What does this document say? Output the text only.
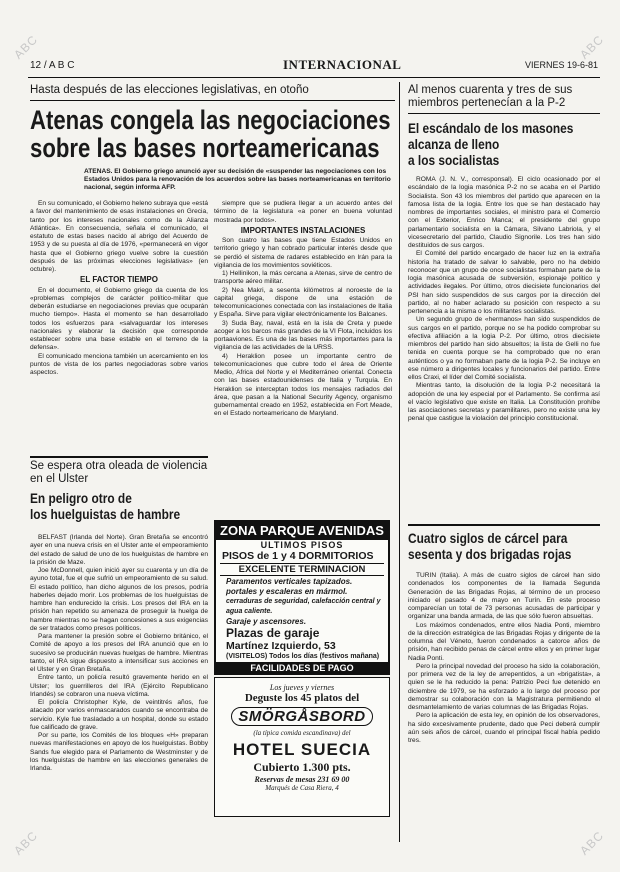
12 / A B C	INTERNACIONAL	VIERNES 19-6-81
Hasta después de las elecciones legislativas, en otoño
Atenas congela las negociaciones
sobre las bases norteamericanas
ATENAS. El Gobierno griego anunció ayer su decisión de «suspender las negociaciones con los Estados Unidos para la renovación de los acuerdos sobre las bases norteamericanas en territorio nacional, según informa AFP.

En su comunicado, el Gobierno heleno subraya que «está a favor del mantenimiento de esas instalaciones en Grecia, tanto por los intereses nacionales como de la Alianza Atlántica». En consecuencia, señala el comunicado, el estatuto de estas bases nacido al abrigo del Acuerdo de 1953 y de su puesta al día de 1976, «permanecerá en vigor hasta que el Gobierno griego vuelve sobre la cuestión después de las próximas elecciones legislativas» (en octubre).

EL FACTOR TIEMPO

En el documento, el Gobierno griego da cuenta de los «problemas complejos de carácter político-militar que deberán estudiarse en negociaciones previas que ocuparán mucho tiempo». Hasta el momento se han desarrollado todos los esfuerzos para «salvaguardar los intereses nacionales y elaborar la decisión que corresponde establecer sobre una base estable en el terreno de la defensa».

El comunicado menciona también un acercamiento en los puntos de vista de los partes negociadoras sobre varios aspectos.

siempre que se pudiera llegar a un acuerdo antes del término de la legislatura «a poner en buena voluntad mostrada por todos».

IMPORTANTES INSTALACIONES

Son cuatro las bases que tiene Estados Unidos en territorio griego y han cobrado particular interés desde que se perdió el sistema de radares establecido en Irán para la vigilancia de los movimientos soviéticos.

1) Hellinikon, la más cercana a Atenas, sirve de centro de transporte aéreo militar.

2) Nea Makri, a sesenta kilómetros al noroeste de la capital griega, dispone de una estación de telecomunicaciones conectada con las instalaciones de Italia y España. Sirve para vigilar electrónicamente los Balcanes.

3) Suda Bay, naval, está en la isla de Creta y puede acoger a los barcos más grandes de la VI Flota, incluidos los portaaviones. Es una de las bases más importantes para la vigilancia de las actividades de la URSS.

4) Heraklion posee un importante centro de telecomunicaciones que cubre todo el área de Oriente Medio, Africa del Norte y el Mediterráneo oriental. Conecta con las bases estadounidenses de Italia y Turquía. En Heraklion se interceptan todos los mensajes radiados del área, que pasan a la National Security Agency, organismo gubernamental creado en 1952, establecida en Fort Meade, en el Estado norteamericano de Maryland.

Se espera otra oleada de violencia en el Ulster
En peligro otro de
los huelguistas de hambre

BELFAST (Irlanda del Norte). Gran Bretaña se encontró ayer en una nueva crisis en el Ulster ante el empeoramiento del estado de salud de uno de los huelguistas de hambre en la prisión de Maze.

Joe McDonnell, quien inició ayer su cuarenta y un día de ayuno total, fue el que sufrió un empeoramiento de su salud. El estado político, han dicho algunos de los presos, podría haberles dejado morir. Los problemas de los huelguistas de hambre han endurecido la crisis. Los presos del IRA en la prisión han repetido su amenaza de proseguir la huelga de hambre mientras no se hagan concesiones a sus exigencias de ser tratados como presos políticos.

Para mantener la presión sobre el Gobierno británico, el Comité de apoyo a los presos del IRA anunció que en lo sucesivo se producirán nuevas huelgas de hambre. Mientras tanto, el IRA sigue dispuesto a intensificar sus acciones en el Ulster y en Gran Bretaña.

Entre tanto, un policía resultó gravemente herido en el Ulster; los guerrilleros del IRA (Ejército Republicano Irlandés) se cobraron una nueva víctima.

El policía Christopher Kyle, de veintitrés años, fue atacado por varios enmascarados cuando se encontraba de servicio. Kyle fue trasladado a un hospital, donde su estado fue calificado de grave.

Por su parte, los Comités de los bloques «H» preparan nuevas manifestaciones en apoyo de los huelguistas. Bobby Sands fue elegido para el Parlamento de Westminster y de los huelguistas de hambre en las elecciones generales de Irlanda.

ZONA PARQUE AVENIDAS
ULTIMOS PISOS
PISOS de 1 y 4 DORMITORIOS
EXCELENTE TERMINACION
Paramentos verticales tapizados.
portales y escaleras en mármol.
cerraduras de seguridad, calefacción central y agua caliente.
Garaje y ascensores.
Plazas de garaje
Martínez Izquierdo, 53
(VISITELOS) Todos los días (festivos mañana)
FACILIDADES DE PAGO
Los jueves y viernes
Deguste los 45 platos del
SMÖRGÅSBORD
(la típica comida escandinava) del
HOTEL SUECIA
Cubierto 1.300 pts.
Reservas de mesas 231 69 00
Marqués de Casa Riera, 4
Al menos cuarenta y tres de sus miembros pertenecían a la P-2
El escándalo de los masones
alcanza de lleno
a los socialistas

ROMA (J. N. V., corresponsal). El ciclo ocasionado por el escándalo de la logia masónica P-2 no se acaba en el Partido Socialista. Son 43 los miembros del partido que aparecen en la famosa lista de la logia. Entre los que se han destacado hay nombres de importantes sociales, el ministro para el Comercio con el Exterior, Enrico Manca; el presidente del grupo parlamentario socialista en la Cámara, Silvano Labriola, y el vicesecretario del partido, Claudio Signorile. Los tres han sido destituidos de sus cargos.

El Comité del partido encargado de hacer luz en la extraña historia ha tratado de salvar lo salvable, pero no ha debido reconocer que un grupo de once socialistas formaban parte de la logia masónica acusada de subversión, espionaje político y actividades ilegales. Por último, otros diecisiete funcionarios del PSI han sido suspendidos de sus cargos por la dirección del partido, al no haber aclarado su posición con respecto a su pertenencia a la misma o los militantes socialistas.

Un segundo grupo de «hermanos» han sido suspendidos de sus cargos en el partido, porque no se ha podido comprobar su efectiva afiliación a la logia P-2. Por último, otros diecisiete miembros del partido han sido absueltos; la lista de Gelli no fue tenida en cuenta porque se ha comprobado que no eran auténticos o ya no formaban parte de la logia P-2. Se incluye en ese número a dirigentes locales y funcionarios del partido. Entre ellos Craxi, el líder del Comité socialista.

Mientras tanto, la disolución de la logia P-2 necesitará la adopción de una ley especial por el Parlamento. Se confirma así el vacío legislativo que existe en Italia. La Constitución prohíbe las asociaciones secretas y paramilitares, pero no existe una ley penal que castigue la violación del principio constitucional.

Cuatro siglos de cárcel para
sesenta y dos brigadas rojas

TURIN (Italia). A más de cuatro siglos de cárcel han sido condenados los componentes de la llamada Segunda Generación de las Brigadas Rojas, al término de un proceso iniciado el pasado 4 de mayo en Turín. En este proceso comparecían un total de 73 personas acusadas de participar y organizar una banda armada, de las que sólo fueron absueltas.

Los máximos condenados, entre ellos Nadia Ponti, miembro de la dirección estratégica de las Brigadas Rojas y dirigente de la columna del Véneto, fueron condenados a catorce años de prisión, han recibido penas de cárcel entre ellos y en primer lugar Nadia Ponti.

Pero la principal novedad del proceso ha sido la colaboración, por primera vez de la ley de arrepentidos, a un «brigatista», a quien se le ha reducido la pena: Patrizio Peci fue detenido en diciembre de 1979, se ha esforzado a lo largo del proceso por demostrar su colaboración con la Magistratura permitiendo el desmantelamiento de varias columnas de las Brigadas Rojas.

Pero la aplicación de esta ley, en opinión de los observadores, ha sido excesivamente prudente, dado que Peci deberá cumplir aún seis años de cárcel, cuando el principal fiscal había pedido tres.

ABC	ABC
ABC	ABC
